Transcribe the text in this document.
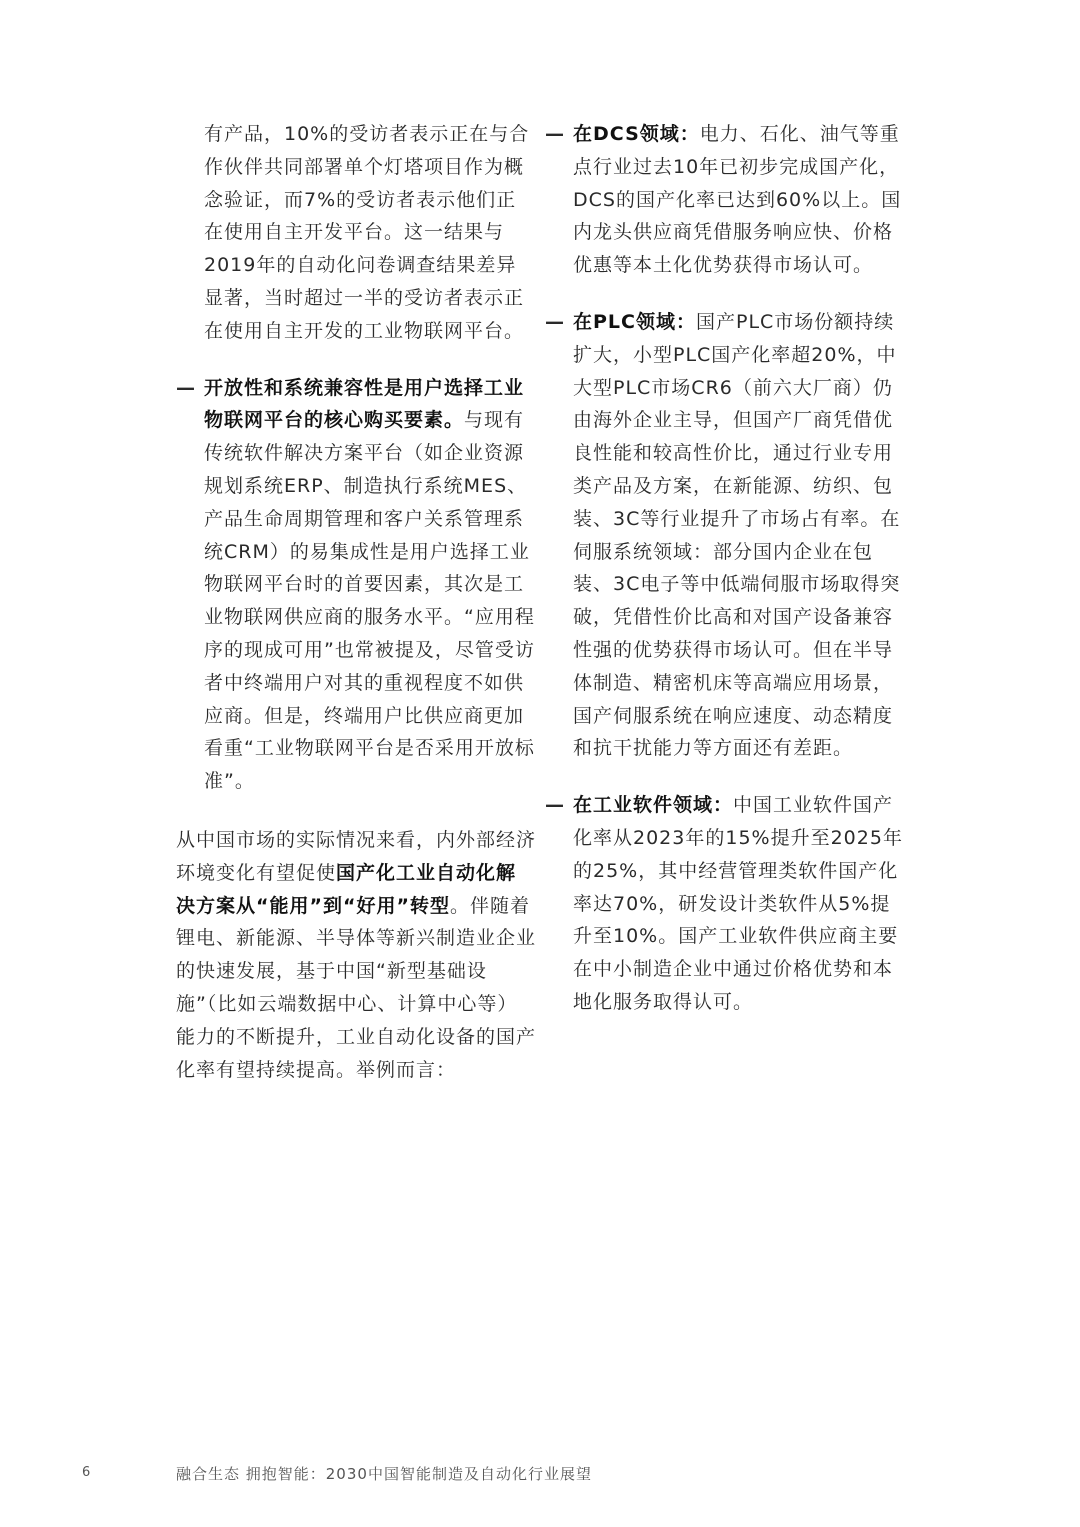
有产品，10%的受访者表示正在与合作伙伴共同部署单个灯塔项目作为概念验证，而7%的受访者表示他们正在使用自主开发平台。这一结果与2019年的自动化问卷调查结果差异显著，当时超过一半的受访者表示正在使用自主开发的工业物联网平台。

— 开放性和系统兼容性是用户选择工业物联网平台的核心购买要素。与现有传统软件解决方案平台（如企业资源规划系统ERP、制造执行系统MES、产品生命周期管理和客户关系管理系统CRM）的易集成性是用户选择工业物联网平台时的首要因素，其次是工业物联网供应商的服务水平。“应用程序的现成可用”也常被提及，尽管受访者中终端用户对其的重视程度不如供应商。但是，终端用户比供应商更加看重“工业物联网平台是否采用开放标准”。

从中国市场的实际情况来看，内外部经济环境变化有望促使国产化工业自动化解决方案从“能用”到“好用”转型。伴随着锂电、新能源、半导体等新兴制造业企业的快速发展，基于中国“新型基础设施”（比如云端数据中心、计算中心等）能力的不断提升，工业自动化设备的国产化率有望持续提高。举例而言：

— 在DCS领域：电力、石化、油气等重点行业过去10年已初步完成国产化，DCS的国产化率已达到60%以上。国内龙头供应商凭借服务响应快、价格优惠等本土化优势获得市场认可。

— 在PLC领域：国产PLC市场份额持续扩大，小型PLC国产化率超20%，中大型PLC市场CR6（前六大厂商）仍由海外企业主导，但国产厂商凭借优良性能和较高性价比，通过行业专用类产品及方案，在新能源、纺织、包装、3C等行业提升了市场占有率。在伺服系统领域：部分国内企业在包装、3C电子等中低端伺服市场取得突破，凭借性价比高和对国产设备兼容性强的优势获得市场认可。但在半导体制造、精密机床等高端应用场景，国产伺服系统在响应速度、动态精度和抗干扰能力等方面还有差距。

— 在工业软件领域：中国工业软件国产化率从2023年的15%提升至2025年的25%，其中经营管理类软件国产化率达70%，研发设计类软件从5%提升至10%。国产工业软件供应商主要在中小制造企业中通过价格优势和本地化服务取得认可。

6	融合生态 拥抱智能：2030中国智能制造及自动化行业展望
